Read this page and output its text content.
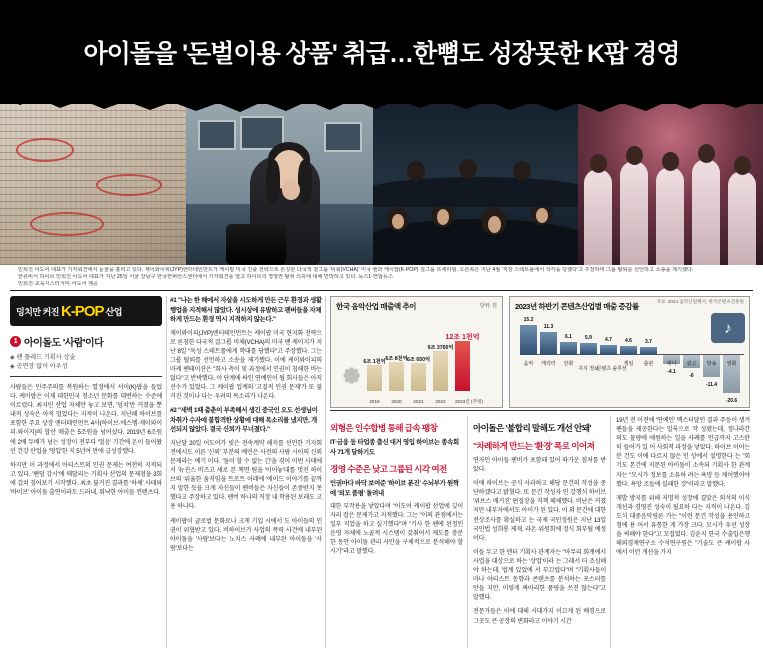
아이돌을 '돈벌이용 상품' 취급…한뼘도 성장못한 K팝 경영
민희진 어도어 대표가 기자회견에서 눈물을 흘리고 있다. 제이와이피(JYP)엔터테인먼트가 케이팝 미국 진출 전략으로 론칭한 다국적 걸그룹 '비춰(VCHA)' 미국 팬과 케이팝(K-POP) 걸그룹 르세라핌. 오른쪽은 지난 4월 '직장 스테트롤에서 착각을 당했다'고 주장하며 그룹 탈퇴를 선언하고 소송을 제기했다.
한류비서 하이브 민희진 어도어 대표가 지난 25일 서울 강남구 한국컨퍼런스센터에서 기자회견을 열고 하이브의 경영권 탈취 의혹에 대해 반박하고 있다. 뉴스1·연합뉴스
민희진·교육시스터지미·어도어 제공
덩치만 커진 K-POP 산업
1 아이돌도 '사람'이다
◈ 팬 플레드 기획사 상술
◈ 공연장 없이 아우성

사람들은 민주주의를 복원하는 열정에서 서이(K)팝을 들었다. 케이팝은 이제 대한민국 청소년 문화를 대변하는 수준에 이르렀다. 최지민 산업 자체만 놓고 보면, '덩치'만 커졌을 뿐 내적 성숙은 아직 멀었다는 지적이 나온다. 지난해 하이브를 포함한 주요 상장 엔터테인먼트 4사(하이브·에스엠·제이와이피·와이지)의 합산 매출은 5조원을 넘어섰다. 2019년 6조원에 2배 두배가 넘는 성장이 전부다 '얼음' 기간에 온이 들어왔던 건강 산업을 '영입'한 지 5년여 만에 급성장했다.

하지만 이 과정에서 아티스트의 인권 문제는 여전히 지적되고 있다. '팬덤 감시'에 매달리는 기획사 산업의 문제점을 3회에 걸쳐 짚어보기 시작했다. 최초 불거진 결과를 '하체' 사태와 '바이브' 아이돌 출연이라도 드러내, 워낙한 아이들 컨텐츠다.

#1 "나는 한 해에서 자살을 시도하게 만든 근무 환경과 생활 행업을 지적해서 많았다. 성시상에 유발하고 팬버들을 자체하게 만드는 환경 역시 지적하지 않는다."

제이와이피(JYP)엔터테인먼트는 케이팝 미국 현지화 전략으로 론칭한 다국적 걸그룹 비체(VCHA)의 미국 팬 케이지가 지난 8일 "독성 스테트롤에게 학대를 당했다"고 주장했다. 그는 그룹 탈퇴를 선언하고 소송을 제기했다. 이에 케이와이피의 마케 팬테이션은 "회사 측이 및 과정에서 인권이 침해한 바는 없다"고 반박했다. 이 단계에 싸인 연예인이 될 회사들은 아직 선수가 있었다. 그 케이팝 업계의 '고질적 인권 문제'가 또 불거진 것이나 다는 우려의 목소리가 나온다.

#2 "새벽 1때 춤춘이 부족해서 생긴 중국인 오도 선생님이 차취가 수자에 불합격한 상황에 대해 목소리를 냈지만, 개선되지 않았다. 결국 신뢰가 무너졌다."

지난달 20일 어도어가 빚은 전속계약 해지를 선언한 기자회견에서도 이른 '신뢰' 부분의 예민은 사전의 사람 시이의 신뢰 문제라는 예기 이다. '돌이 할 수 없는 긴'을 겪어 이번 사태에서 '뉴진스 비즈고 새로 본 책면 팀을 '이어놓'대를 멋진 하이브의 '위율한 움직임을 트로트 이래에 '에이드 이야기를 끝까지 말한 듯을 크게 자신들이 팬버들은 자신들이 존중받지 못했다고 주장하고 있다. 팬버 하나의 직장 내 학용된 보래도 고용 하나다.

케이팝이 글로벌 문화로나 크게 기입 시에서 도 아이들의 인권이 위협받고 있다. 비하이브가 사업의 폭력 사건에 내부된 아이돌을 '사람'보다는 노지스 사례에 내부된 아이돌을 '사람'보다는

한국 음악산업 매출액 추이	단위: 원
6조 1천억 6조 8천억 6조 650억
9조 3700억
12조 1천억
2019	2020	2021	2022	2023년 (추정)
2023년 하반기 콘텐츠산업별 매출 증감률
자료: 2024 음악산업백서, 한국콘텐츠진흥원
♪
15.2
음악
11.3
캐릭터
6.1
만화
5.9
지식 정보
4.7
콘텐츠 솔루션
4.6
게임
3.7
출판
-4.1
애니
-6
광고
-11.4
방송
-20.6
영화
외형은 인수합병 통해 급속 팽창
IT·금융 등 타업종 출신 대거 영입 하이브는 종속회사 71개 달하기도
경영 수준은 낮고 그룹된 시각 여전
인권마다 바닥 보여준 '하이브 푼진' 수뇌부가 원짝에 '외모 품평' 돌려내

대한 부작용을 낳았다며 "어도어 케이팝 산업에 깊이 자리 잡은 문제가고 지적했다. 그는 "이의 관점에서는 일부 직업을 하고 실기했다"며 "기사 한 팬에 된정인 운영 자체에 노골적 시스템이 갖춰어서 제도를 충분한 동안 아이돌 관리 사안을 구체적으로 분석해야 할 시기"라고 말했다.

아이돌은 '불합리 말해도 개선 안돼'
"차례하게 만드는 '환경' 폭로 이어져

연자인 아이들 팬버가 포함돼 있어 따가운 점처를 받았다.

이에 하이브는 공식 사과하고 해당 문건의 작성을 중단하겠다고 밝혔다. 또 문건 작성자 인 강행식 하이브 '위브스 매거진' 편집장을 직책 해제했다. 비난은 커졌지만 내부자에서도 아이가 된 있다. 이 외 문건에 대한 전상조사를 확실하고 는 국제 국민정원은 지난 13일 국민법 성희롱 제재, 라온 위원회에 정식 회부될 예정이다.

이들 두고 한 엔터 기획사 관계자는 "아무리 회계에서 사업을 대상으로 하는 '상업'이라 는 그래서 더 조심해야 하는데, 법계 있었에 서 부끄럽다"며 "기획사들이 마나 아티스트 동향과 콘텐츠를 분석하는 포스터를 만들 지만, 이렇게 짜아리한 품평을 쓰진 않는다"고 말했다.

전문가들은 이에 대해 시대가지 이끄게 된 배경으로 그곳도 큰 공장의 변화라고 이야기 시간

19년 전 이전에 '연예인' 엑스터달인 결과 주둥이 생겨 팬들을 제공한다는 얼룩으로 작 성됐는데, 정나라간 의도 물량에 애원하는 일을 사례를 언급까지 고스란히 들어가 있 어 사회적 파장을 낳았다. 하이브 이어는 분 건도 이에 다르지 않은 인 상에서 설명한다 는 "회기도 본건에 지문된 아이돌이 소속되 기획사 한 관계자는 "모시가 정보를 소유하 려는 욕망 등 제어했어야 했다. 욕망 조들에 실패한 것"이라고 말했다.

재발 방지를 위해 저명적 성장에 결맞은 외석의 이식 개선과 경영진 성숙이 필요하 다는 지적이 나온다. 김도식 대중음악평론 가는 "이런 문건 작성을 용인하고 철에 용 어서 유통한 게 가장 크다. 모시가 우선 성장 을 써해야 한다"고 꼬집었다. 김윤지 한국 수출입은행 해외경제연구소 수석연구원은 "기술도 큰 케이팝 사에서 이런 개선을 가지
